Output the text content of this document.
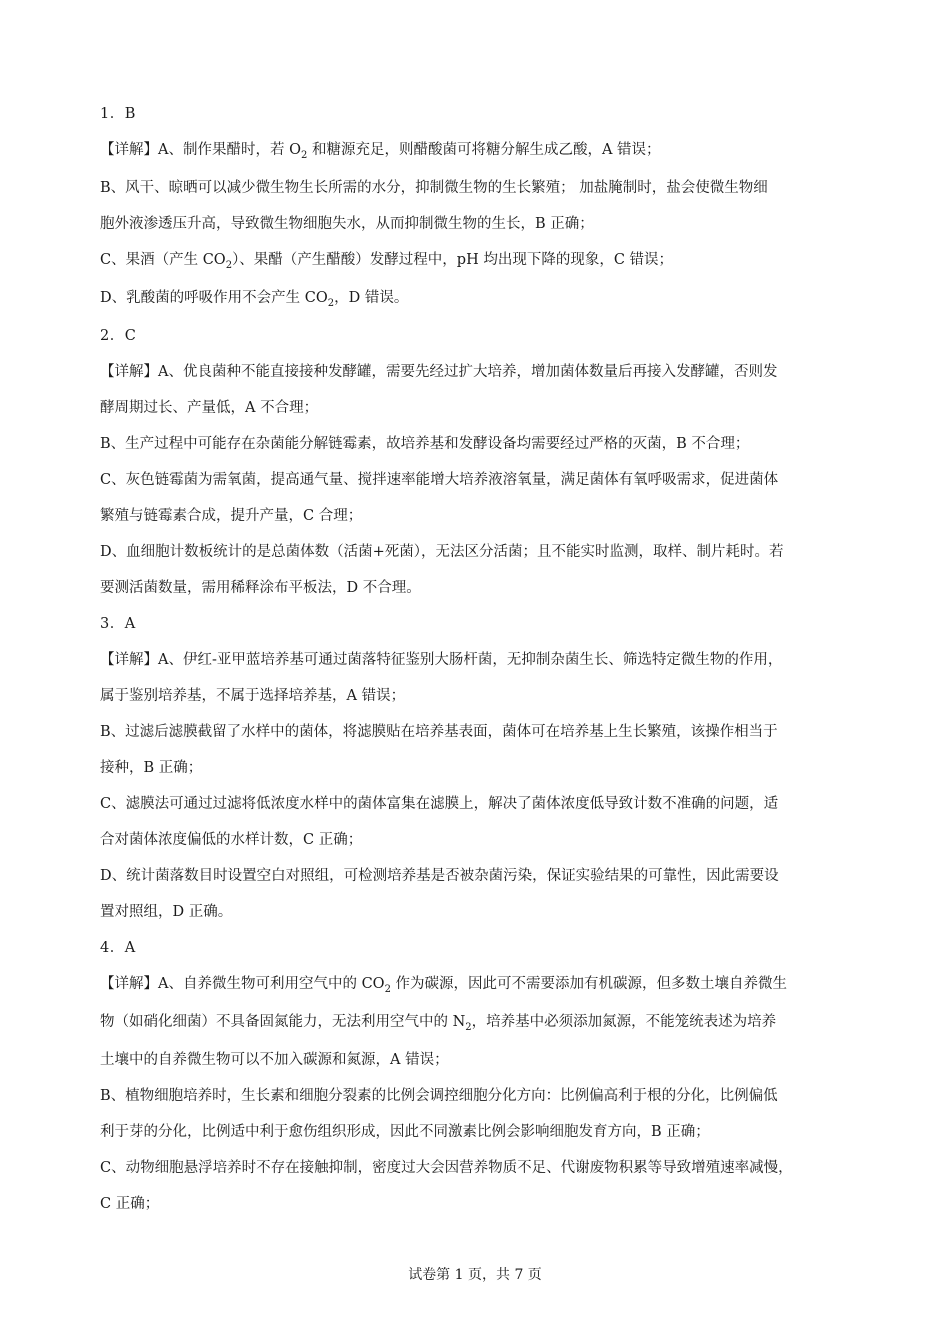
1．B

【详解】A、制作果醋时，若 $O_2$ 和糖源充足，则醋酸菌可将糖分解生成乙酸，A 错误；

B、风干、晾晒可以减少微生物生长所需的水分，抑制微生物的生长繁殖； 加盐腌制时，盐会使微生物细

胞外液渗透压升高，导致微生物细胞失水，从而抑制微生物的生长，B 正确；

C、果酒（产生 $CO_2$）、果醋（产生醋酸）发酵过程中，pH 均出现下降的现象，C 错误；

D、乳酸菌的呼吸作用不会产生 $CO_2$，D 错误。

2．C

【详解】A、优良菌种不能直接接种发酵罐，需要先经过扩大培养，增加菌体数量后再接入发酵罐，否则发

酵周期过长、产量低，A 不合理；

B、生产过程中可能存在杂菌能分解链霉素，故培养基和发酵设备均需要经过严格的灭菌，B 不合理；

C、灰色链霉菌为需氧菌，提高通气量、搅拌速率能增大培养液溶氧量，满足菌体有氧呼吸需求，促进菌体

繁殖与链霉素合成，提升产量，C 合理；

D、血细胞计数板统计的是总菌体数（活菌+死菌），无法区分活菌；且不能实时监测，取样、制片耗时。若

要测活菌数量，需用稀释涂布平板法，D 不合理。

3．A

【详解】A、伊红-亚甲蓝培养基可通过菌落特征鉴别大肠杆菌，无抑制杂菌生长、筛选特定微生物的作用，

属于鉴别培养基，不属于选择培养基，A 错误；

B、过滤后滤膜截留了水样中的菌体，将滤膜贴在培养基表面，菌体可在培养基上生长繁殖，该操作相当于

接种，B 正确；

C、滤膜法可通过过滤将低浓度水样中的菌体富集在滤膜上，解决了菌体浓度低导致计数不准确的问题，适

合对菌体浓度偏低的水样计数，C 正确；

D、统计菌落数目时设置空白对照组，可检测培养基是否被杂菌污染，保证实验结果的可靠性，因此需要设

置对照组，D 正确。

4．A

【详解】A、自养微生物可利用空气中的 $CO_2$ 作为碳源，因此可不需要添加有机碳源，但多数土壤自养微生

物（如硝化细菌）不具备固氮能力，无法利用空气中的 $N_2$，培养基中必须添加氮源，不能笼统表述为培养

土壤中的自养微生物可以不加入碳源和氮源，A 错误；

B、植物细胞培养时，生长素和细胞分裂素的比例会调控细胞分化方向：比例偏高利于根的分化，比例偏低

利于芽的分化，比例适中利于愈伤组织形成，因此不同激素比例会影响细胞发育方向，B 正确；

C、动物细胞悬浮培养时不存在接触抑制，密度过大会因营养物质不足、代谢废物积累等导致增殖速率减慢，

C 正确；

试卷第 1 页，共 7 页
